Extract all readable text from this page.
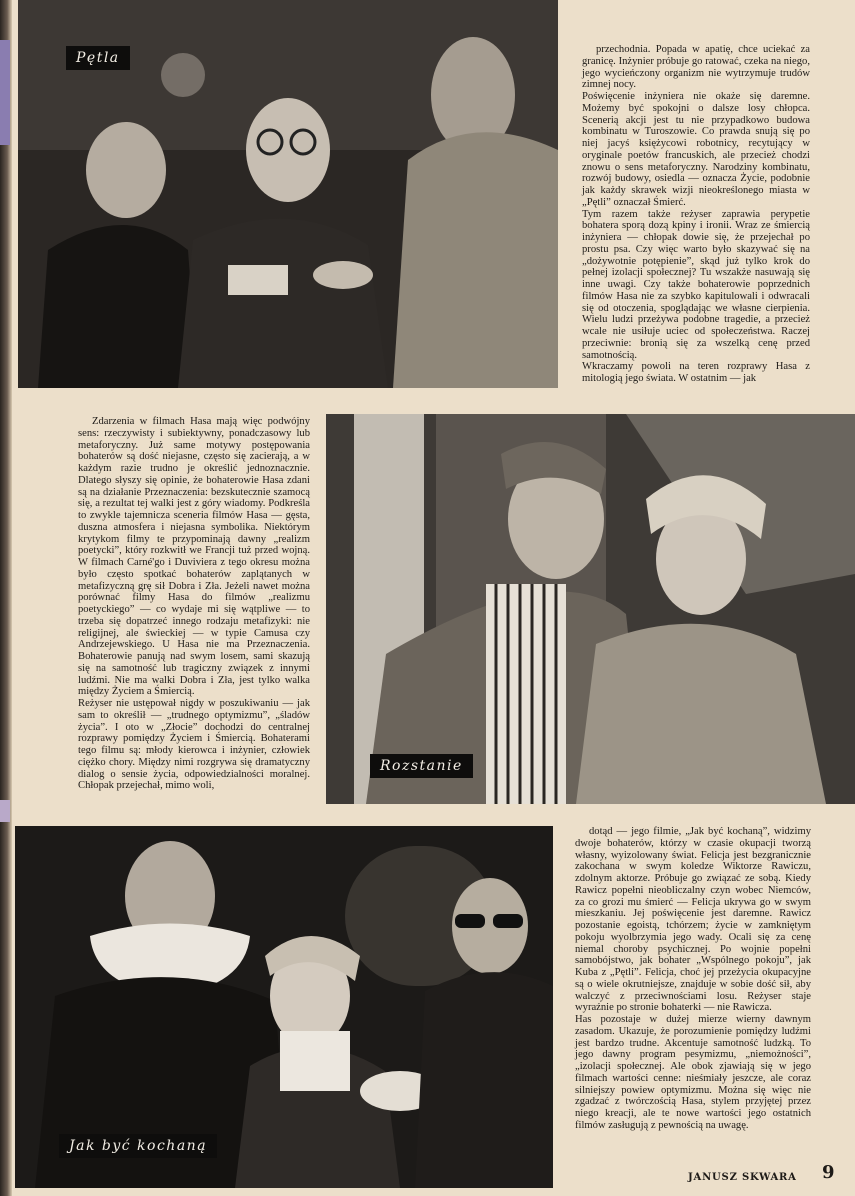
Pętla
Rozstanie
Jak być kochaną

przechodnia. Popada w apatię, chce uciekać za granicę. Inżynier próbuje go ratować, czeka na niego, jego wycieńczony organizm nie wytrzymuje trudów zimnej nocy.
Poświęcenie inżyniera nie okaże się daremne. Możemy być spokojni o dalsze losy chłopca. Scenerią akcji jest tu nie przypadkowo budowa kombinatu w Turoszowie. Co prawda snują się po niej jacyś księżycowi robotnicy, recytujący w oryginale poetów francuskich, ale przecież chodzi znowu o sens metaforyczny. Narodziny kombinatu, rozwój budowy, osiedla — oznacza Życie, podobnie jak każdy skrawek wizji nieokreślonego miasta w „Pętli” oznaczał Śmierć.
Tym razem także reżyser zaprawia perypetie bohatera sporą dozą kpiny i ironii. Wraz ze śmiercią inżyniera — chłopak dowie się, że przejechał po prostu psa. Czy więc warto było skazywać się na „dożywotnie potępienie”, skąd już tylko krok do pełnej izolacji społecznej? Tu wszakże nasuwają się inne uwagi. Czy także bohaterowie poprzednich filmów Hasa nie za szybko kapitulowali i odwracali się od otoczenia, spoglądając we własne cierpienia. Wielu ludzi przeżywa podobne tragedie, a przecież wcale nie usiłuje uciec od społeczeństwa. Raczej przeciwnie: bronią się za wszelką cenę przed samotnością.
Wkraczamy powoli na teren rozprawy Hasa z mitologią jego świata. W ostatnim — jak

Zdarzenia w filmach Hasa mają więc podwójny sens: rzeczywisty i subiektywny, ponadczasowy lub metaforyczny. Już same motywy postępowania bohaterów są dość niejasne, często się zacierają, a w każdym razie trudno je określić jednoznacznie. Dlatego słyszy się opinie, że bohaterowie Hasa zdani są na działanie Przeznaczenia: bezskutecznie szamocą się, a rezultat tej walki jest z góry wiadomy. Podkreśla to zwykle tajemnicza sceneria filmów Hasa — gęsta, duszna atmosfera i niejasna symbolika. Niektórym krytykom filmy te przypominają dawny „realizm poetycki”, który rozkwitł we Francji tuż przed wojną. W filmach Carné'go i Duviviera z tego okresu można było często spotkać bohaterów zaplątanych w metafizyczną grę sił Dobra i Zła. Jeżeli nawet można porównać filmy Hasa do filmów „realizmu poetyckiego” — co wydaje mi się wątpliwe — to trzeba się dopatrzeć innego rodzaju metafizyki: nie religijnej, ale świeckiej — w typie Camusa czy Andrzejewskiego. U Hasa nie ma Przeznaczenia. Bohaterowie panują nad swym losem, sami skazują się na samotność lub tragiczny związek z innymi ludźmi. Nie ma walki Dobra i Zła, jest tylko walka między Życiem a Śmiercią.
Reżyser nie ustępował nigdy w poszukiwaniu — jak sam to określił — „trudnego optymizmu”, „śladów życia”. I oto w „Złocie” dochodzi do centralnej rozprawy pomiędzy Życiem i Śmiercią. Bohaterami tego filmu są: młody kierowca i inżynier, człowiek ciężko chory. Między nimi rozgrywa się dramatyczny dialog o sensie życia, odpowiedzialności moralnej. Chłopak przejechał, mimo woli,

dotąd — jego filmie, „Jak być kochaną”, widzimy dwoje bohaterów, którzy w czasie okupacji tworzą własny, wyizolowany świat. Felicja jest bezgranicznie zakochana w swym koledze Wiktorze Rawiczu, zdolnym aktorze. Próbuje go związać ze sobą. Kiedy Rawicz popełni nieobliczalny czyn wobec Niemców, za co grozi mu śmierć — Felicja ukrywa go w swym mieszkaniu. Jej poświęcenie jest daremne. Rawicz pozostanie egoistą, tchórzem; życie w zamkniętym pokoju wyolbrzymia jego wady. Ocali się za cenę niemal choroby psychicznej. Po wojnie popełni samobójstwo, jak bohater „Wspólnego pokoju”, jak Kuba z „Pętli”. Felicja, choć jej przeżycia okupacyjne są o wiele okrutniejsze, znajduje w sobie dość sił, aby walczyć z przeciwnościami losu. Reżyser staje wyraźnie po stronie bohaterki — nie Rawicza.
Has pozostaje w dużej mierze wierny dawnym zasadom. Ukazuje, że porozumienie pomiędzy ludźmi jest bardzo trudne. Akcentuje samotność ludzką. To jego dawny program pesymizmu, „niemożności”, „izolacji społecznej. Ale obok zjawiają się w jego filmach wartości cenne: nieśmiały jeszcze, ale coraz silniejszy powiew optymizmu. Można się więc nie zgadzać z twórczością Hasa, stylem przyjętej przez niego kreacji, ale te nowe wartości jego ostatnich filmów zasługują z pewnością na uwagę.

JANUSZ SKWARA 9
